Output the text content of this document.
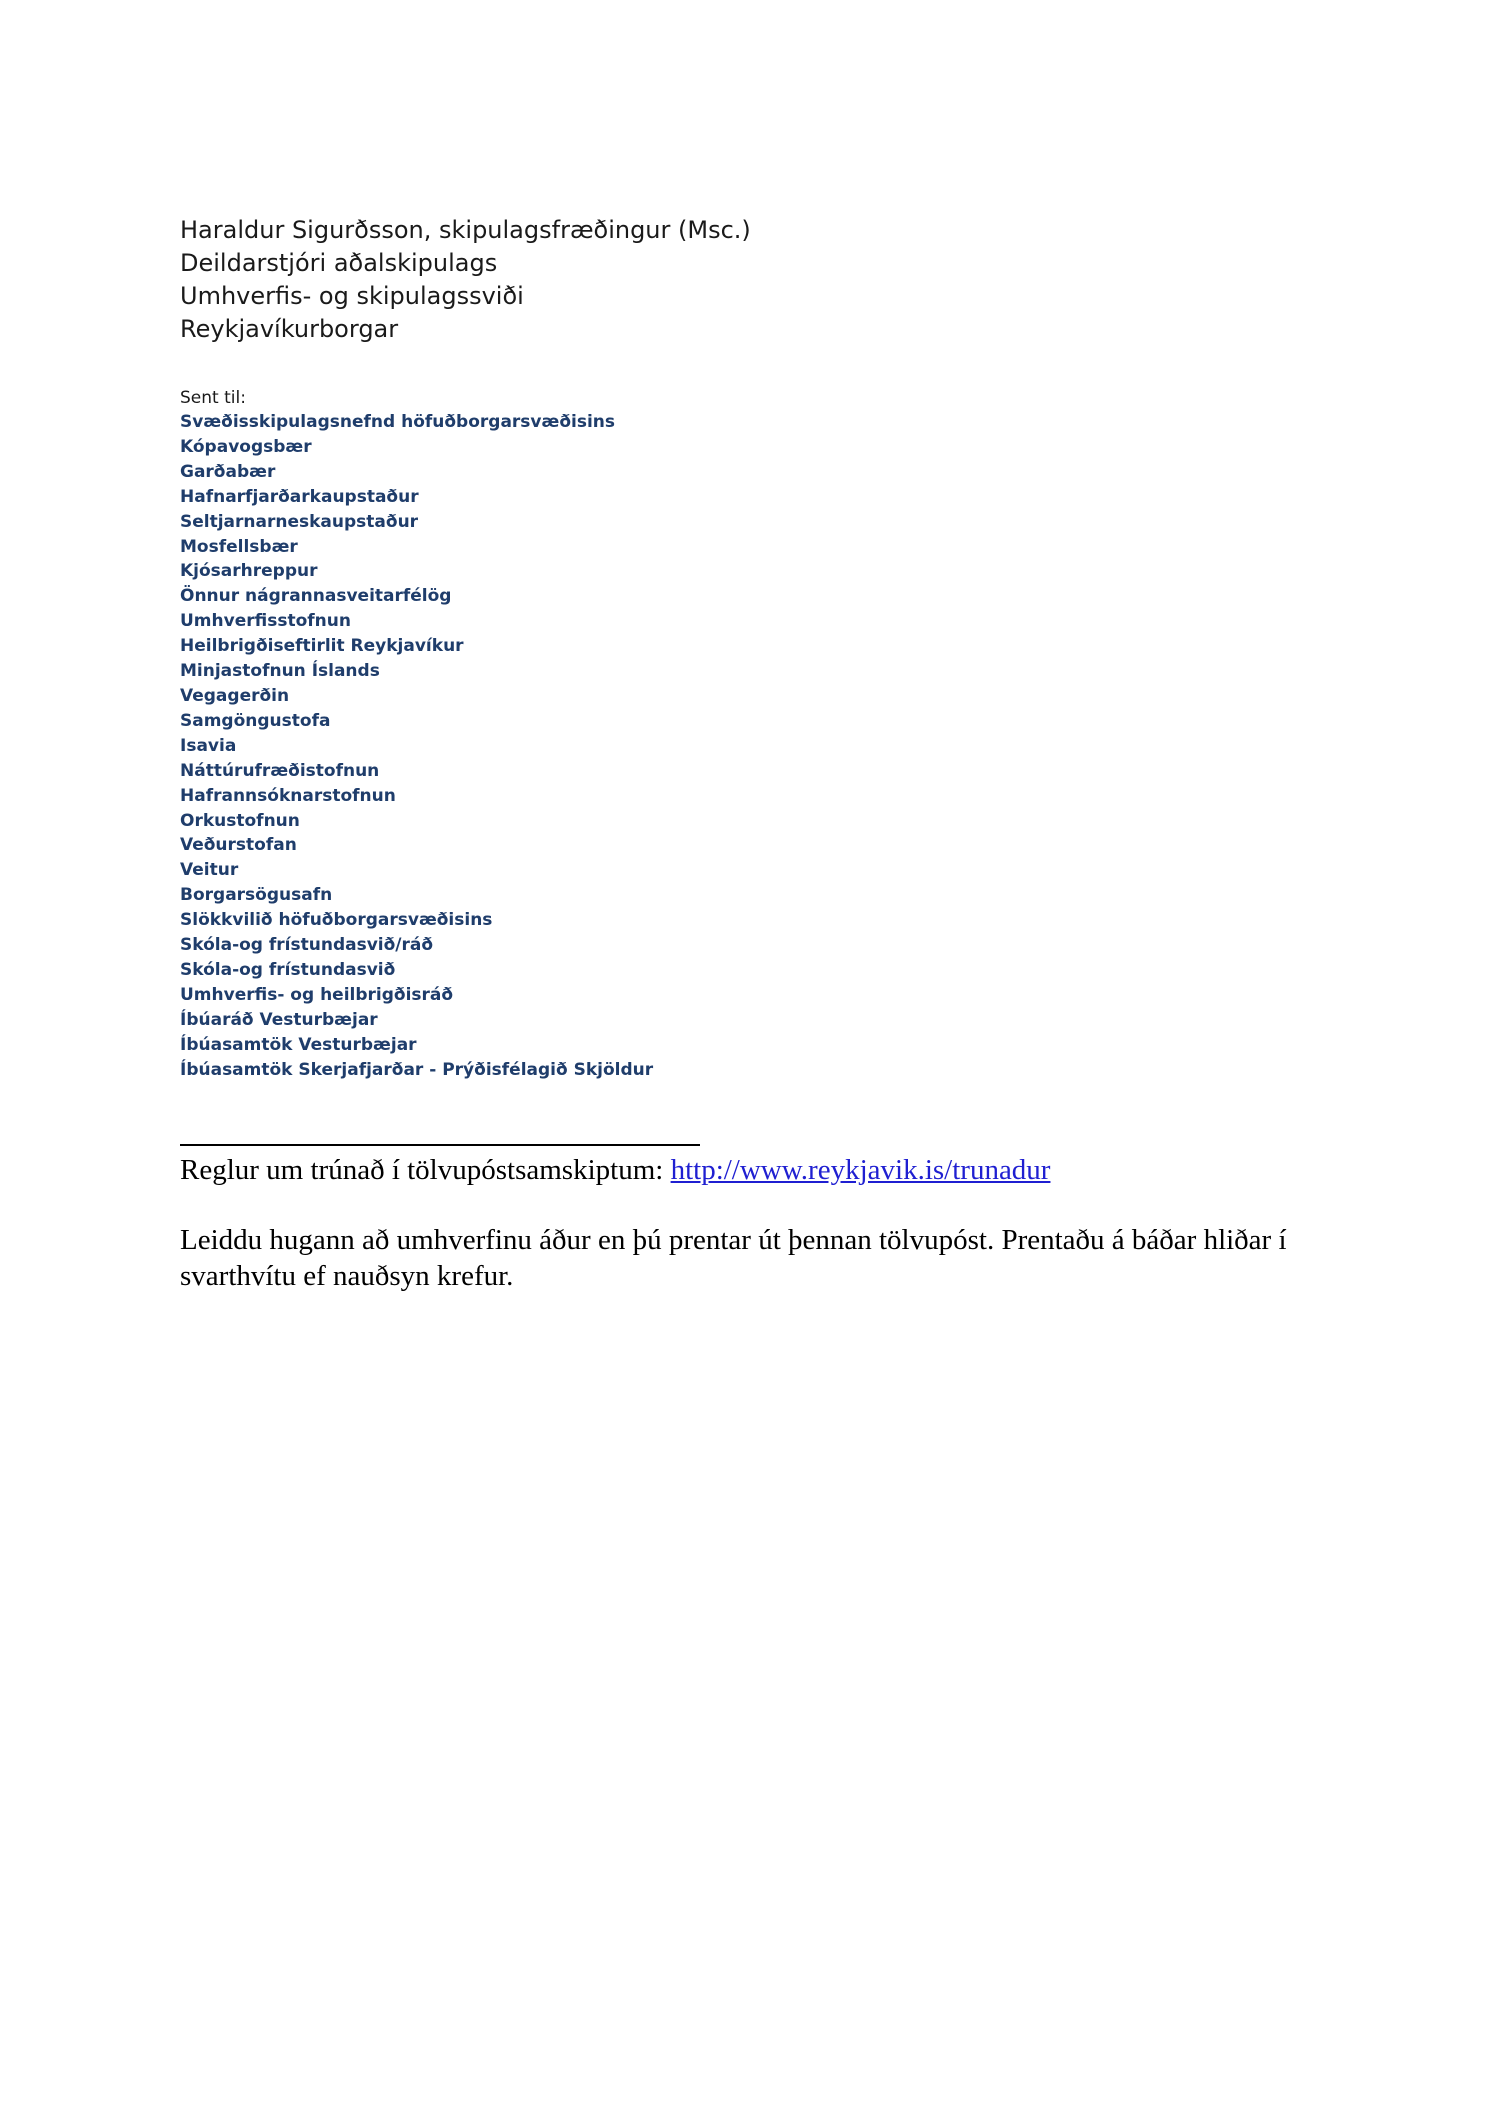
Haraldur Sigurðsson, skipulagsfræðingur (Msc.)
Deildarstjóri aðalskipulags
Umhverfis- og skipulagssviði
Reykjavíkurborgar
Sent til:
Svæðisskipulagsnefnd höfuðborgarsvæðisins
Kópavogsbær
Garðabær
Hafnarfjarðarkaupstaður
Seltjarnarneskaupstaður
Mosfellsbær
Kjósarhreppur
Önnur nágrannasveitarfélög
Umhverfisstofnun
Heilbrigðiseftirlit Reykjavíkur
Minjastofnun Íslands
Vegagerðin
Samgöngustofa
Isavia
Náttúrufræðistofnun
Hafrannsóknarstofnun
Orkustofnun
Veðurstofan
Veitur
Borgarsögusafn
Slökkvilið höfuðborgarsvæðisins
Skóla-og frístundasvið/ráð
Skóla-og frístundasvið
Umhverfis- og heilbrigðisráð
Íbúaráð Vesturbæjar
Íbúasamtök Vesturbæjar
Íbúasamtök Skerjafjarðar - Prýðisfélagið Skjöldur
Reglur um trúnað í tölvupóstsamskiptum: http://www.reykjavik.is/trunadur
Leiddu hugann að umhverfinu áður en þú prentar út þennan tölvupóst. Prentaðu á báðar hliðar í svarthvítu ef nauðsyn krefur.
